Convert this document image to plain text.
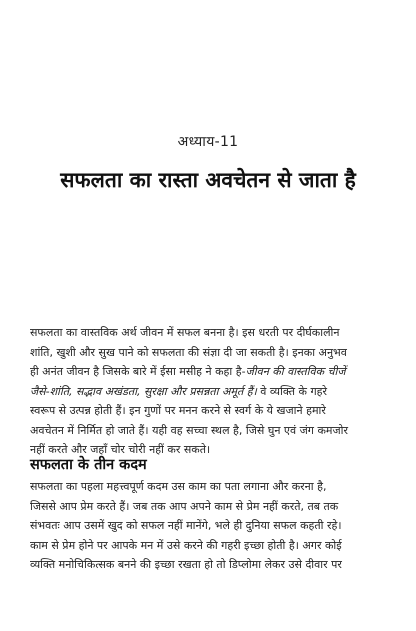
अध्याय-11
सफलता का रास्ता अवचेतन से जाता है
सफलता का वास्तविक अर्थ जीवन में सफल बनना है। इस धरती पर दीर्घकालीन
शांति, खुशी और सुख पाने को सफलता की संज्ञा दी जा सकती है। इनका अनुभव
ही अनंत जीवन है जिसके बारे में ईसा मसीह ने कहा है-जीवन की वास्तविक चीजें
जैसे-शांति, सद्भाव अखंडता, सुरक्षा और प्रसन्नता अमूर्त हैं। वे व्यक्ति के गहरे
स्वरूप से उत्पन्न होती हैं। इन गुणों पर मनन करने से स्वर्ग के ये खजाने हमारे
अवचेतन में निर्मित हो जाते हैं। यही वह सच्चा स्थल है, जिसे घुन एवं जंग कमजोर
नहीं करते और जहाँ चोर चोरी नहीं कर सकते।
सफलता के तीन कदम
सफलता का पहला महत्त्वपूर्ण कदम उस काम का पता लगाना और करना है,
जिससे आप प्रेम करते हैं। जब तक आप अपने काम से प्रेम नहीं करते, तब तक
संभवतः आप उसमें खुद को सफल नहीं मानेंगे, भले ही दुनिया सफल कहती रहे।
काम से प्रेम होने पर आपके मन में उसे करने की गहरी इच्छा होती है। अगर कोई
व्यक्ति मनोचिकित्सक बनने की इच्छा रखता हो तो डिप्लोमा लेकर उसे दीवार पर
